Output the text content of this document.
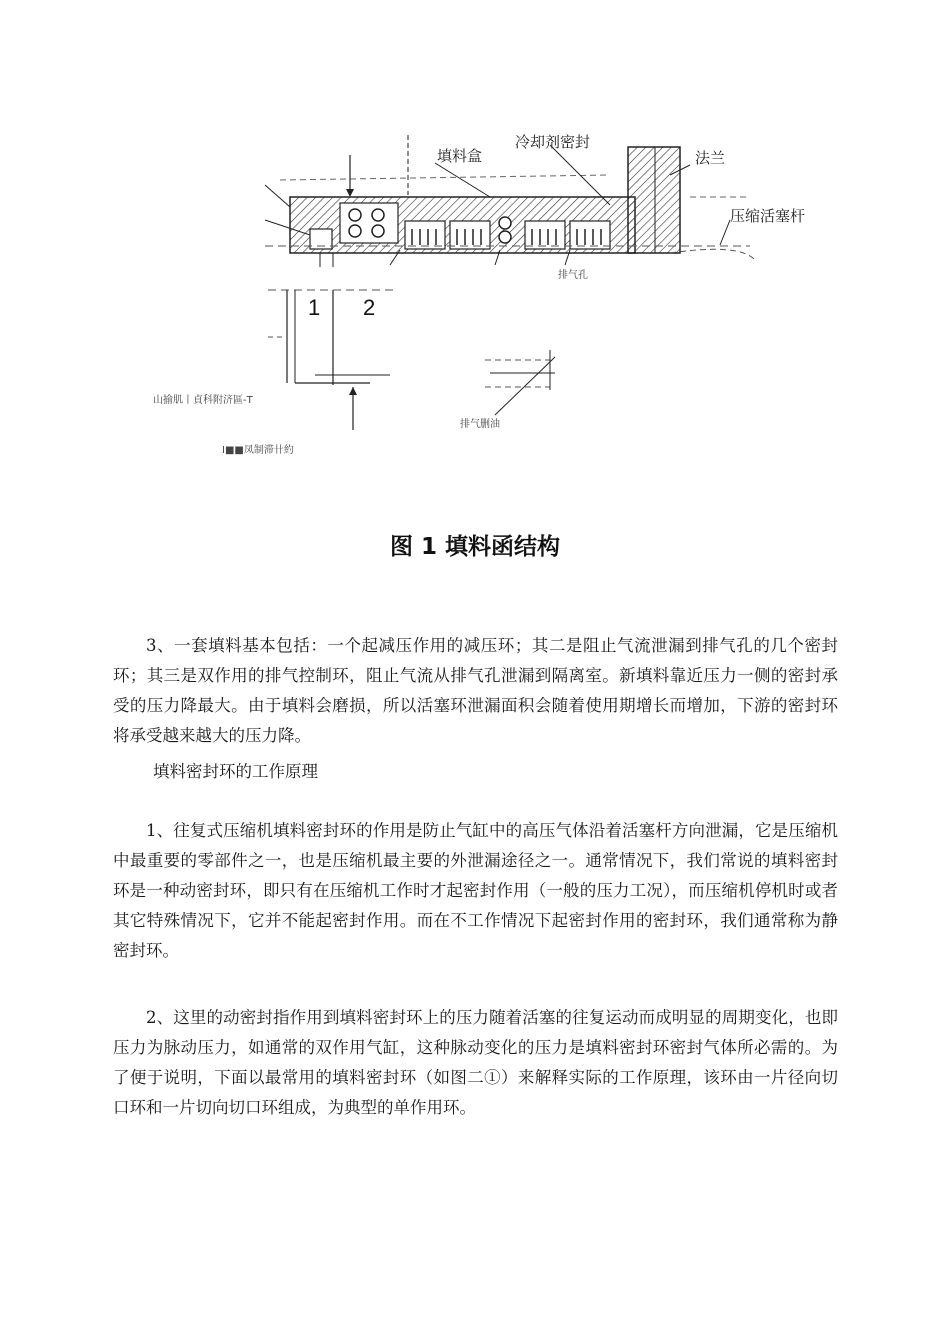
填料盒
冷却剂密封
法兰
压缩活塞杆
排气孔
1 2
山揄肌丨貞科附济區-T
排气删油
I■■凤制滞卄約
图 1 填料函结构

3、一套填料基本包括：一个起减压作用的减压环；其二是阻止气流泄漏到排气孔的几个密封环；其三是双作用的排气控制环，阻止气流从排气孔泄漏到隔离室。新填料靠近压力一侧的密封承受的压力降最大。由于填料会磨损，所以活塞环泄漏面积会随着使用期增长而增加，下游的密封环将承受越来越大的压力降。

填料密封环的工作原理

1、往复式压缩机填料密封环的作用是防止气缸中的高压气体沿着活塞杆方向泄漏，它是压缩机中最重要的零部件之一，也是压缩机最主要的外泄漏途径之一。通常情况下，我们常说的填料密封环是一种动密封环，即只有在压缩机工作时才起密封作用（一般的压力工况），而压缩机停机时或者其它特殊情况下，它并不能起密封作用。而在不工作情况下起密封作用的密封环，我们通常称为静密封环。

2、这里的动密封指作用到填料密封环上的压力随着活塞的往复运动而成明显的周期变化，也即压力为脉动压力，如通常的双作用气缸，这种脉动变化的压力是填料密封环密封气体所必需的。为了便于说明，下面以最常用的填料密封环（如图二①）来解释实际的工作原理，该环由一片径向切口环和一片切向切口环组成，为典型的单作用环。
